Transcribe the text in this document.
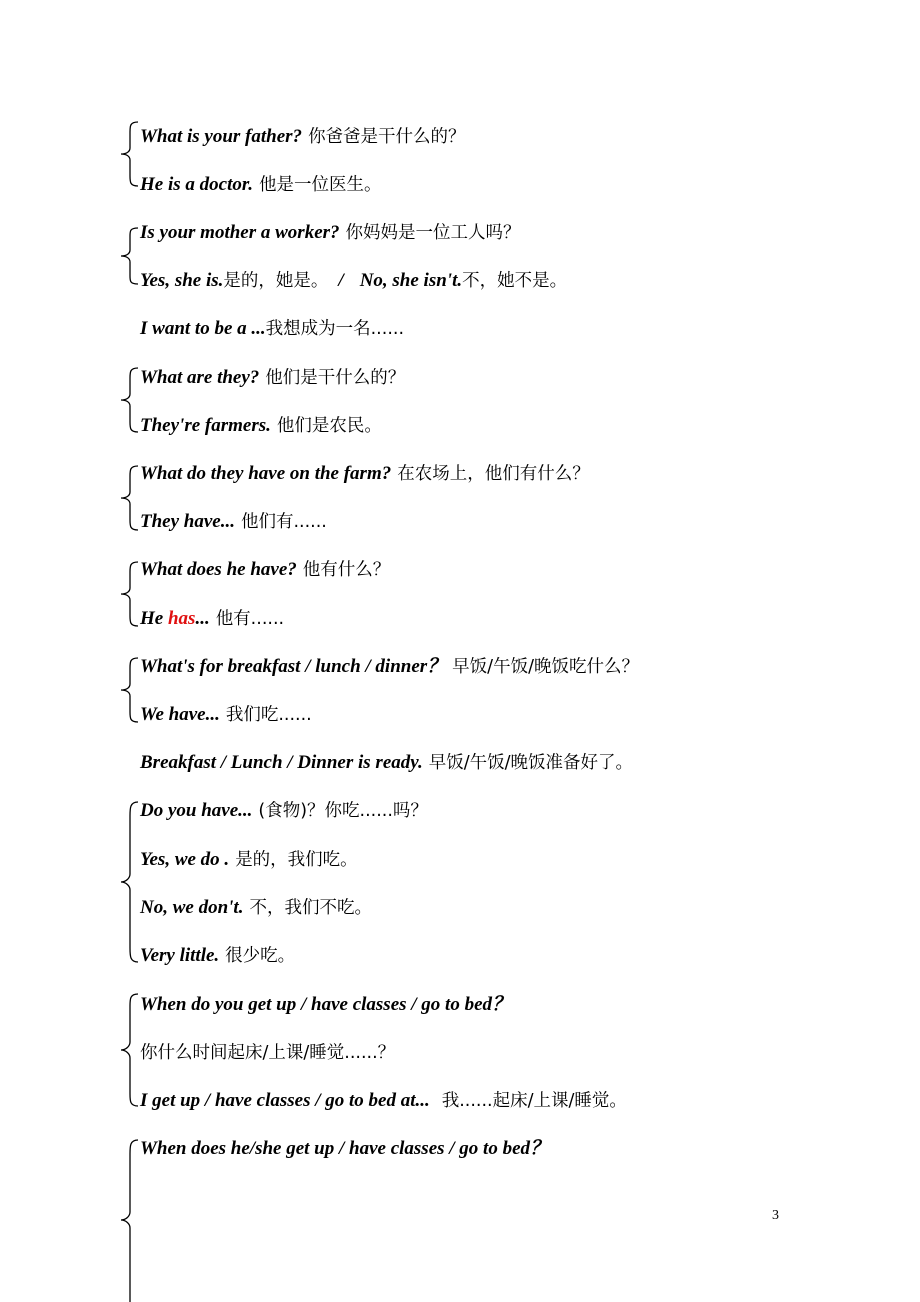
What is your father? 你爸爸是干什么的？
He is a doctor. 他是一位医生。
Is your mother a worker? 你妈妈是一位工人吗？
Yes, she is.是的，她是。 / No, she isn't.不，她不是。
I want to be a ...我想成为一名......
What are they? 他们是干什么的？
They're farmers. 他们是农民。
What do they have on the farm? 在农场上，他们有什么？
They have... 他们有......
What does he have? 他有什么？
He has... 他有......
What's for breakfast / lunch / dinner？ 早饭/午饭/晚饭吃什么？
We have... 我们吃......
Breakfast / Lunch / Dinner is ready. 早饭/午饭/晚饭准备好了。
Do you have... (食物)？你吃......吗？
Yes, we do . 是的，我们吃。
No, we don't. 不，我们不吃。
Very little. 很少吃。
When do you get up / have classes / go to bed？
你什么时间起床/上课/睡觉......？
I get up / have classes / go to bed at... 我......起床/上课/睡觉。
When does he/she get up / have classes / go to bed？
3
